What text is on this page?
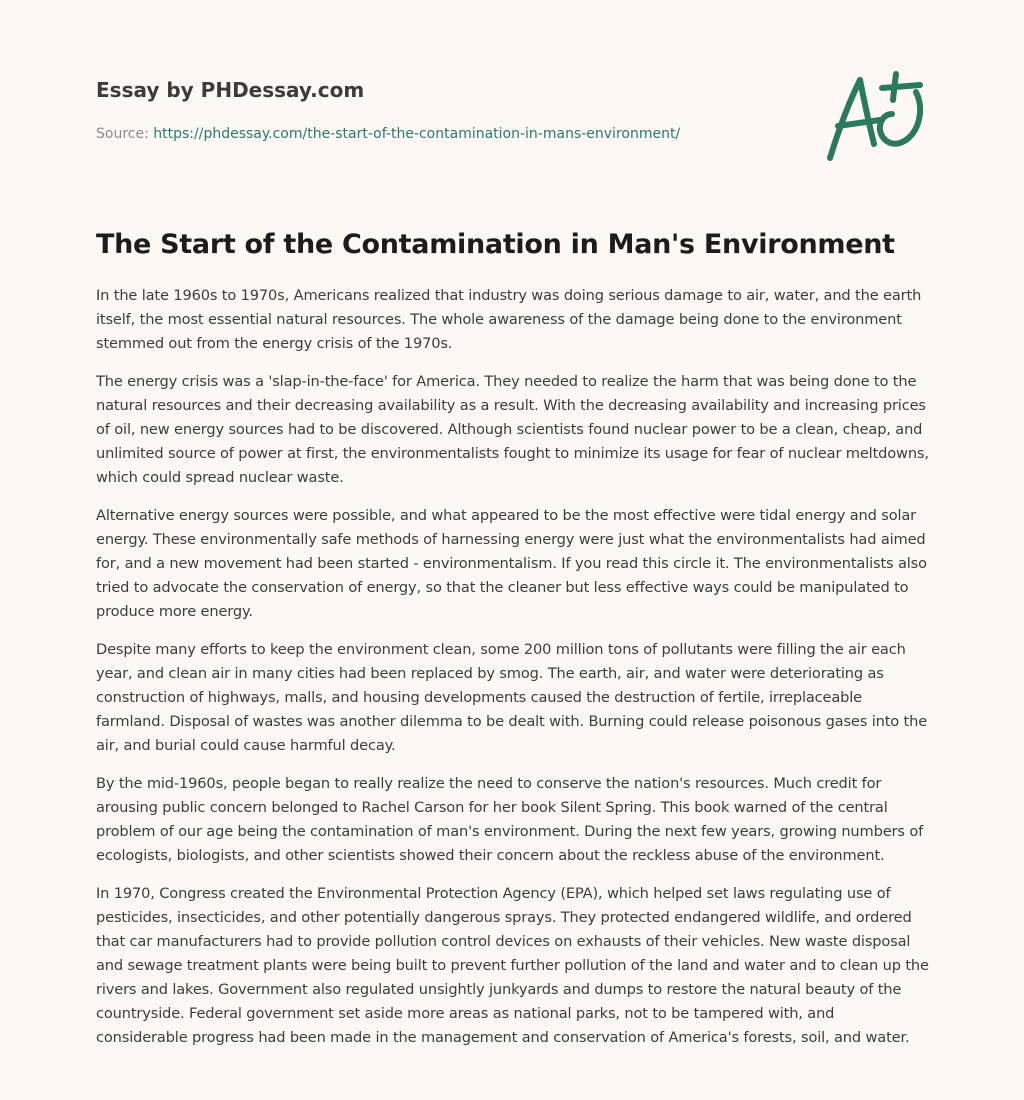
Essay by PHDessay.com
Source: https://phdessay.com/the-start-of-the-contamination-in-mans-environment/
The Start of the Contamination in Man's Environment

In the late 1960s to 1970s, Americans realized that industry was doing serious damage to air, water, and the earth itself, the most essential natural resources. The whole awareness of the damage being done to the environment stemmed out from the energy crisis of the 1970s.

The energy crisis was a 'slap-in-the-face' for America. They needed to realize the harm that was being done to the natural resources and their decreasing availability as a result. With the decreasing availability and increasing prices of oil, new energy sources had to be discovered. Although scientists found nuclear power to be a clean, cheap, and unlimited source of power at first, the environmentalists fought to minimize its usage for fear of nuclear meltdowns, which could spread nuclear waste.

Alternative energy sources were possible, and what appeared to be the most effective were tidal energy and solar energy. These environmentally safe methods of harnessing energy were just what the environmentalists had aimed for, and a new movement had been started - environmentalism. If you read this circle it. The environmentalists also tried to advocate the conservation of energy, so that the cleaner but less effective ways could be manipulated to produce more energy.

Despite many efforts to keep the environment clean, some 200 million tons of pollutants were filling the air each year, and clean air in many cities had been replaced by smog. The earth, air, and water were deteriorating as construction of highways, malls, and housing developments caused the destruction of fertile, irreplaceable farmland. Disposal of wastes was another dilemma to be dealt with. Burning could release poisonous gases into the air, and burial could cause harmful decay.

By the mid-1960s, people began to really realize the need to conserve the nation's resources. Much credit for arousing public concern belonged to Rachel Carson for her book Silent Spring. This book warned of the central problem of our age being the contamination of man's environment. During the next few years, growing numbers of ecologists, biologists, and other scientists showed their concern about the reckless abuse of the environment.

In 1970, Congress created the Environmental Protection Agency (EPA), which helped set laws regulating use of pesticides, insecticides, and other potentially dangerous sprays. They protected endangered wildlife, and ordered that car manufacturers had to provide pollution control devices on exhausts of their vehicles. New waste disposal and sewage treatment plants were being built to prevent further pollution of the land and water and to clean up the rivers and lakes. Government also regulated unsightly junkyards and dumps to restore the natural beauty of the countryside. Federal government set aside more areas as national parks, not to be tampered with, and considerable progress had been made in the management and conservation of America's forests, soil, and water.
